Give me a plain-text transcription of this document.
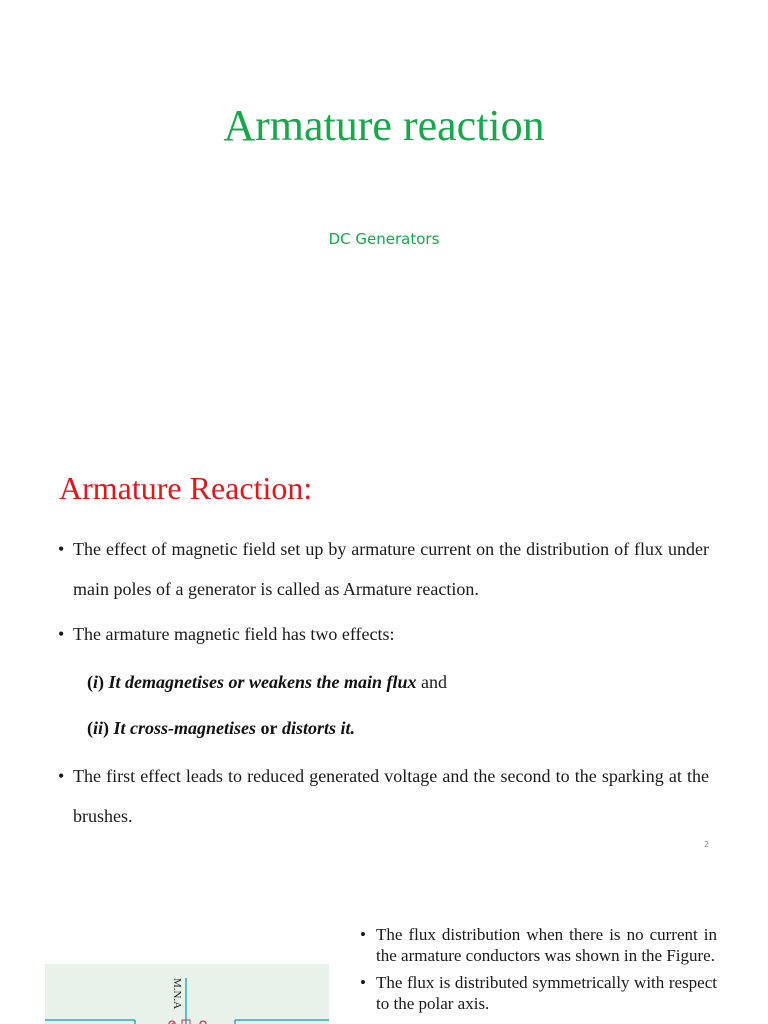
Armature reaction
DC Generators
Armature Reaction:
• The effect of magnetic field set up by armature current on the distribution of flux under main poles of a generator is called as Armature reaction.
• The armature magnetic field has two effects:
(i) It demagnetises or weakens the main flux and
(ii) It cross-magnetises or distorts it.
• The first effect leads to reduced generated voltage and the second to the sparking at the brushes.
2
M.N.A
• The flux distribution when there is no current in the armature conductors was shown in the Figure.
• The flux is distributed symmetrically with respect to the polar axis.
